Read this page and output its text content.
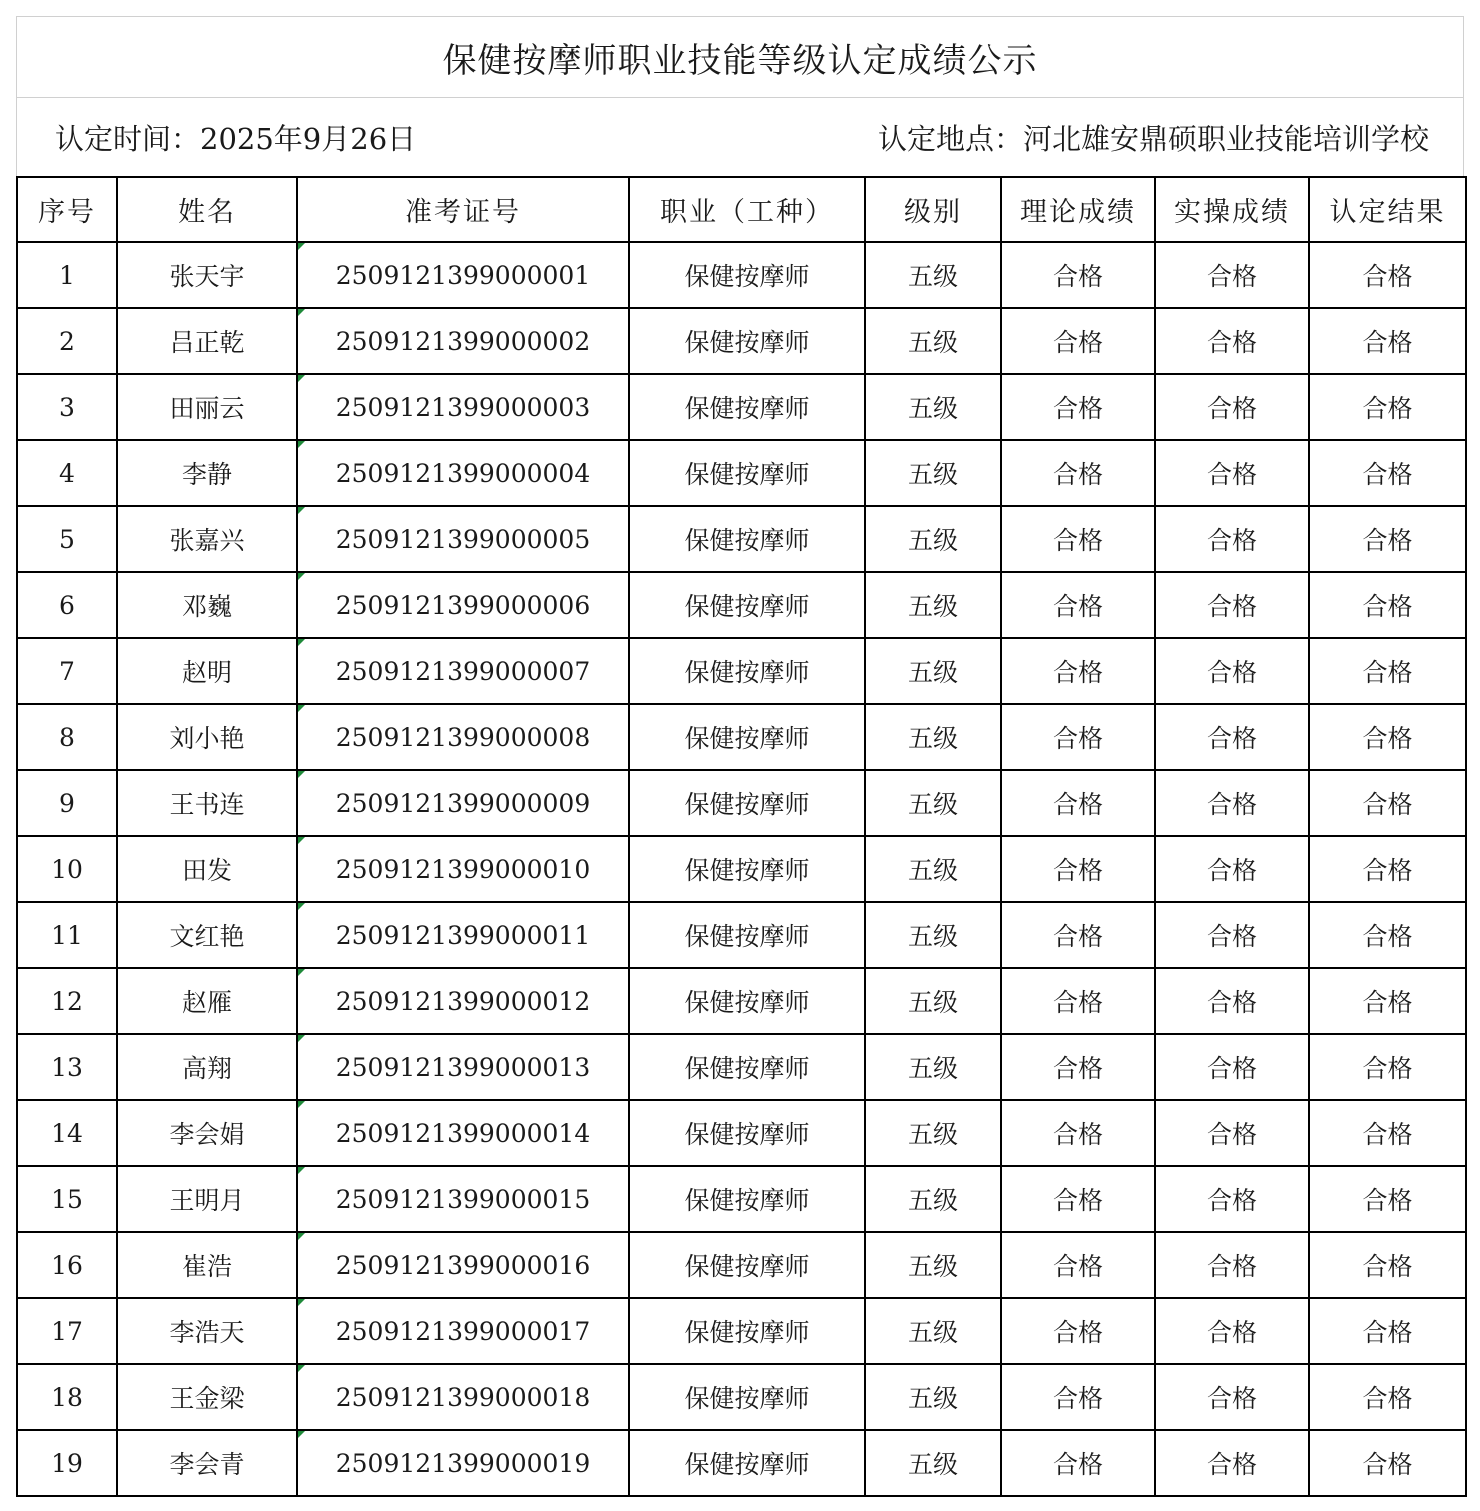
保健按摩师职业技能等级认定成绩公示
认定时间：2025年9月26日	认定地点：河北雄安鼎硕职业技能培训学校
序号	姓名	准考证号	职业（工种）	级别	理论成绩	实操成绩	认定结果
1	张天宇	2509121399000001	保健按摩师	五级	合格	合格	合格
2	吕正乾	2509121399000002	保健按摩师	五级	合格	合格	合格
3	田丽云	2509121399000003	保健按摩师	五级	合格	合格	合格
4	李静	2509121399000004	保健按摩师	五级	合格	合格	合格
5	张嘉兴	2509121399000005	保健按摩师	五级	合格	合格	合格
6	邓巍	2509121399000006	保健按摩师	五级	合格	合格	合格
7	赵明	2509121399000007	保健按摩师	五级	合格	合格	合格
8	刘小艳	2509121399000008	保健按摩师	五级	合格	合格	合格
9	王书连	2509121399000009	保健按摩师	五级	合格	合格	合格
10	田发	2509121399000010	保健按摩师	五级	合格	合格	合格
11	文红艳	2509121399000011	保健按摩师	五级	合格	合格	合格
12	赵雁	2509121399000012	保健按摩师	五级	合格	合格	合格
13	高翔	2509121399000013	保健按摩师	五级	合格	合格	合格
14	李会娟	2509121399000014	保健按摩师	五级	合格	合格	合格
15	王明月	2509121399000015	保健按摩师	五级	合格	合格	合格
16	崔浩	2509121399000016	保健按摩师	五级	合格	合格	合格
17	李浩天	2509121399000017	保健按摩师	五级	合格	合格	合格
18	王金梁	2509121399000018	保健按摩师	五级	合格	合格	合格
19	李会青	2509121399000019	保健按摩师	五级	合格	合格	合格
